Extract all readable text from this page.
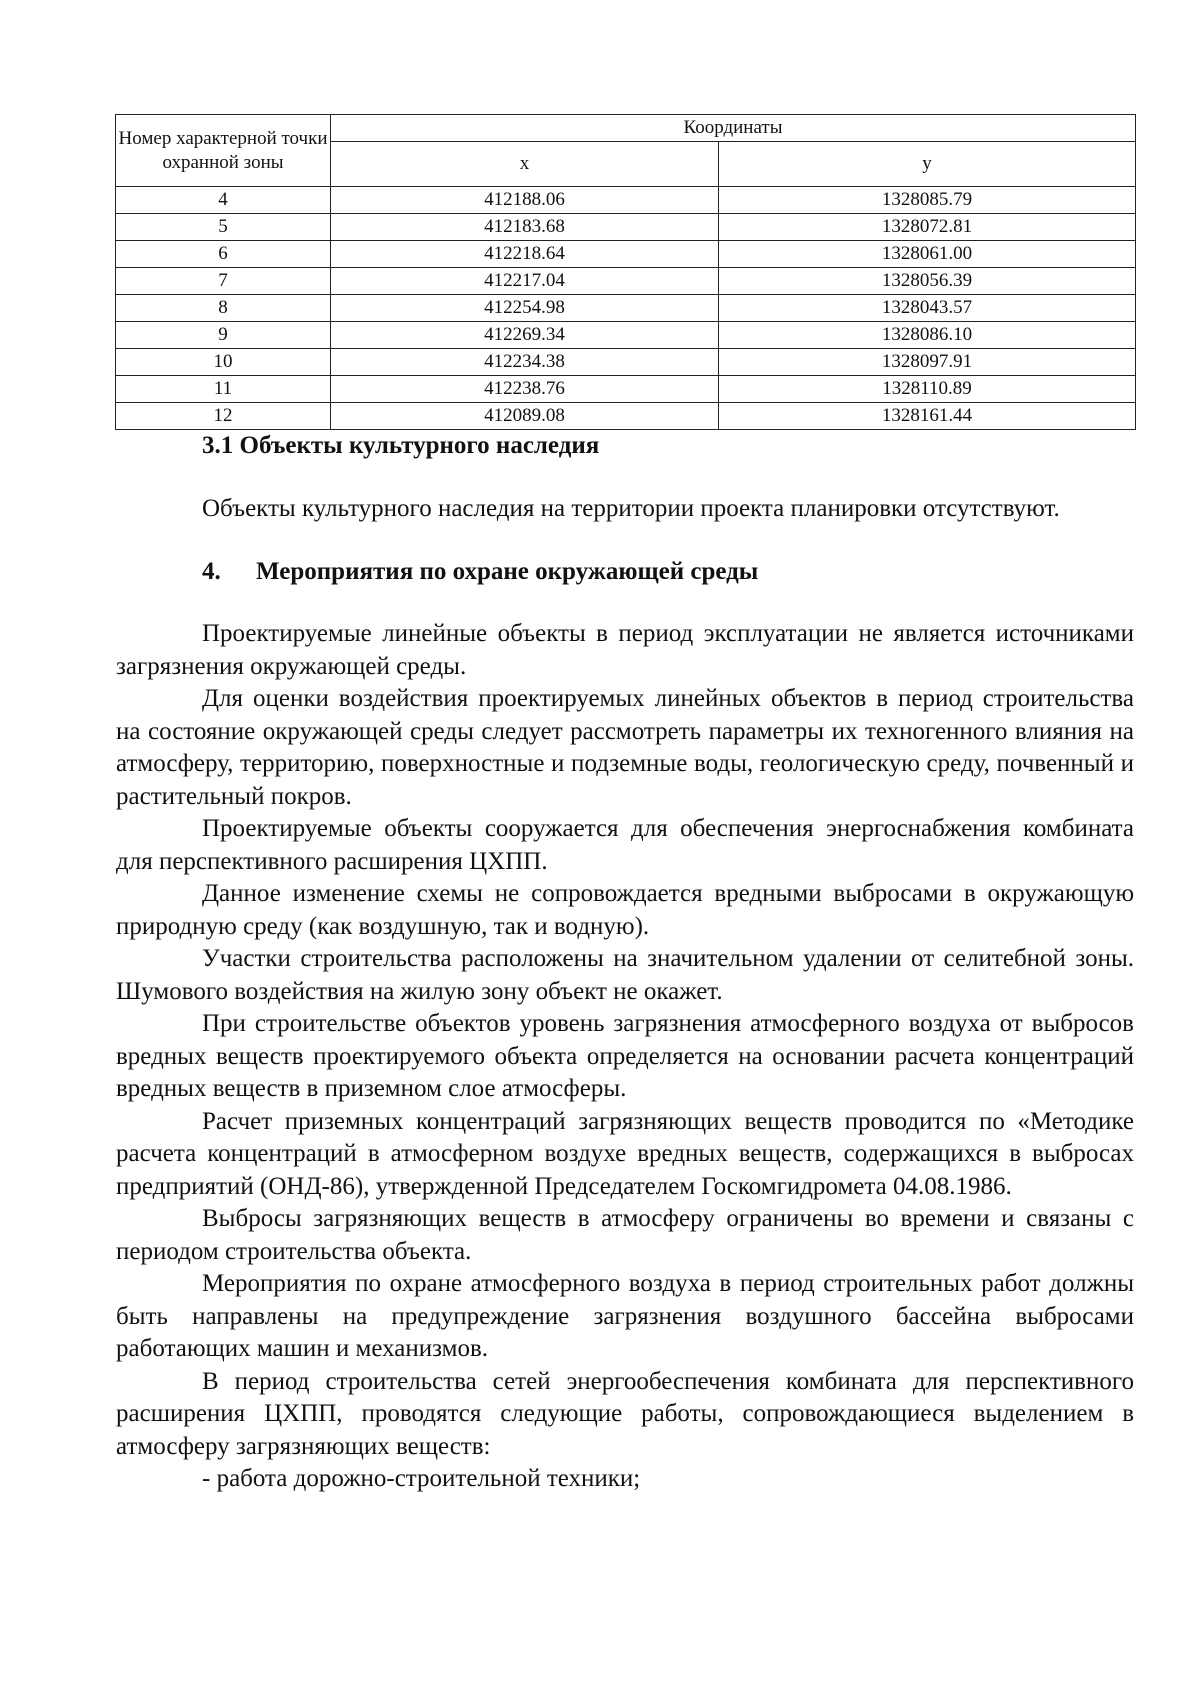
Номер характерной точки охранной зоны	Координаты	
	x	y
4	412188.06	1328085.79
5	412183.68	1328072.81
6	412218.64	1328061.00
7	412217.04	1328056.39
8	412254.98	1328043.57
9	412269.34	1328086.10
10	412234.38	1328097.91
11	412238.76	1328110.89
12	412089.08	1328161.44
3.1 Объекты культурного наследия

Объекты культурного наследия на территории проекта планировки отсутствуют.

4.	Мероприятия по охране окружающей среды

Проектируемые линейные объекты в период эксплуатации не является источниками загрязнения окружающей среды.

Для оценки воздействия проектируемых линейных объектов в период строительства на состояние окружающей среды следует рассмотреть параметры их техногенного влияния на атмосферу, территорию, поверхностные и подземные воды, геологическую среду, почвенный и растительный покров.

Проектируемые объекты сооружается для обеспечения энергоснабжения комбината для перспективного расширения ЦХПП.

Данное изменение схемы не сопровождается вредными выбросами в окружающую природную среду (как воздушную, так и водную).

Участки строительства расположены на значительном удалении от селитебной зоны. Шумового воздействия на жилую зону объект не окажет.

При строительстве объектов уровень загрязнения атмосферного воздуха от выбросов вредных веществ проектируемого объекта определяется на основании расчета концентраций вредных веществ в приземном слое атмосферы.

Расчет приземных концентраций загрязняющих веществ проводится по «Методике расчета концентраций в атмосферном воздухе вредных веществ, содержащихся в выбросах предприятий (ОНД-86), утвержденной Председателем Госкомгидромета 04.08.1986.

Выбросы загрязняющих веществ в атмосферу ограничены во времени и связаны с периодом строительства объекта.

Мероприятия по охране атмосферного воздуха в период строительных работ должны быть направлены на предупреждение загрязнения воздушного бассейна выбросами работающих машин и механизмов.

В период строительства сетей энергообеспечения комбината для перспективного расширения ЦХПП, проводятся следующие работы, сопровождающиеся выделением в атмосферу загрязняющих веществ:

- работа дорожно-строительной техники;
